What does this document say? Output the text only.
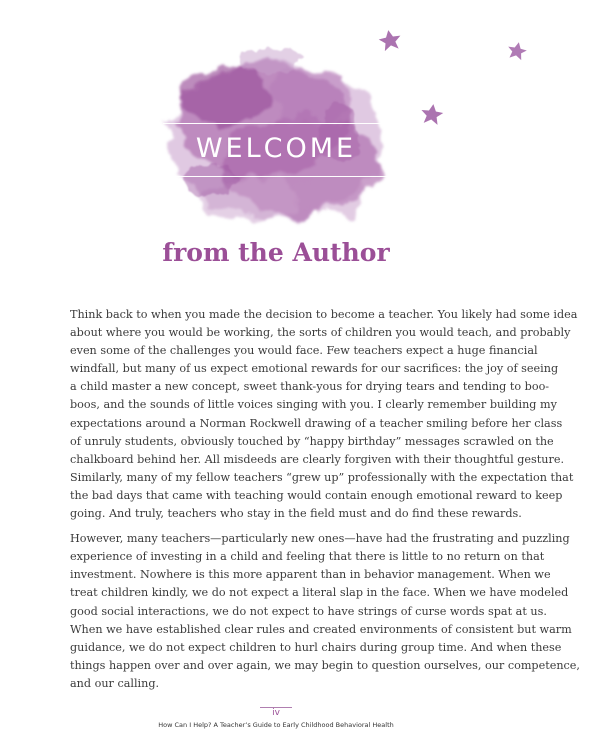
WELCOME
from the Author

Think back to when you made the decision to become a teacher. You likely had some idea
about where you would be working, the sorts of children you would teach, and probably
even some of the challenges you would face. Few teachers expect a huge financial
windfall, but many of us expect emotional rewards for our sacrifices: the joy of seeing
a child master a new concept, sweet thank-yous for drying tears and tending to boo-
boos, and the sounds of little voices singing with you. I clearly remember building my
expectations around a Norman Rockwell drawing of a teacher smiling before her class
of unruly students, obviously touched by “happy birthday” messages scrawled on the
chalkboard behind her. All misdeeds are clearly forgiven with their thoughtful gesture.
Similarly, many of my fellow teachers “grew up” professionally with the expectation that
the bad days that came with teaching would contain enough emotional reward to keep
going. And truly, teachers who stay in the field must and do find these rewards.

However, many teachers—particularly new ones—have had the frustrating and puzzling
experience of investing in a child and feeling that there is little to no return on that
investment. Nowhere is this more apparent than in behavior management. When we
treat children kindly, we do not expect a literal slap in the face. When we have modeled
good social interactions, we do not expect to have strings of curse words spat at us.
When we have established clear rules and created environments of consistent but warm
guidance, we do not expect children to hurl chairs during group time. And when these
things happen over and over again, we may begin to question ourselves, our competence,
and our calling.

iv
How Can I Help? A Teacher’s Guide to Early Childhood Behavioral Health
